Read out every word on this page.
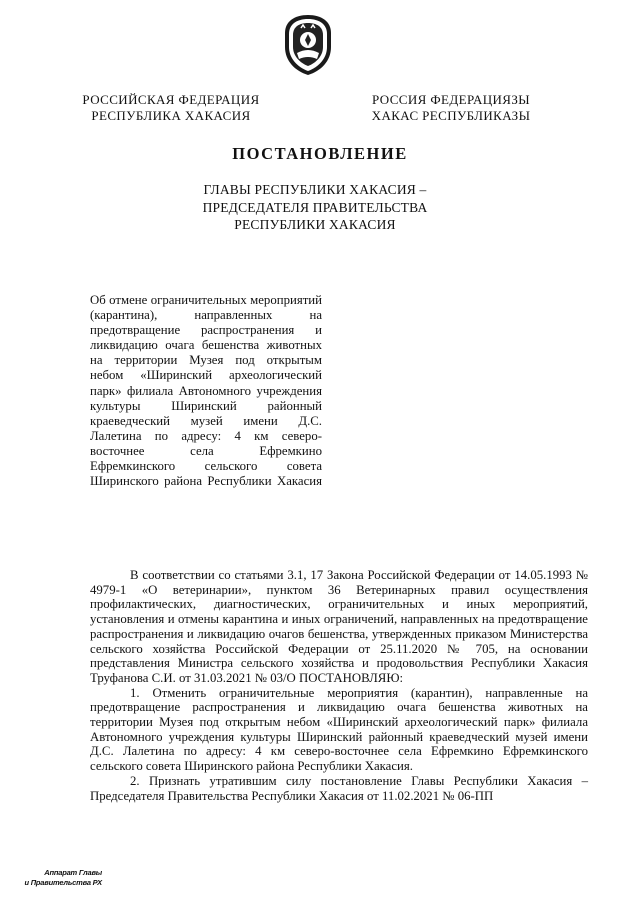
РОССИЙСКАЯ ФЕДЕРАЦИЯ
РЕСПУБЛИКА ХАКАСИЯ
РОССИЯ ФЕДЕРАЦИЯЗЫ
ХАКАС РЕСПУБЛИКАЗЫ
ПОСТАНОВЛЕНИЕ
ГЛАВЫ РЕСПУБЛИКИ ХАКАСИЯ –
ПРЕДСЕДАТЕЛЯ ПРАВИТЕЛЬСТВА
РЕСПУБЛИКИ ХАКАСИЯ
Об отмене ограничительных мероприятий (карантина), направленных на предотвращение распространения и ликвидацию очага бешенства животных на территории Музея под открытым небом «Ширинский археологический парк» филиала Автономного учреждения культуры Ширинский районный краеведческий музей имени Д.С. Лалетина по адресу: 4 км северо-восточнее села Ефремкино Ефремкинского сельского совета Ширинского района Республики Хакасия

В соответствии со статьями 3.1, 17 Закона Российской Федерации от 14.05.1993 № 4979-1 «О ветеринарии», пунктом 36 Ветеринарных правил осуществления профилактических, диагностических, ограничительных и иных мероприятий, установления и отмены карантина и иных ограничений, направленных на предотвращение распространения и ликвидацию очагов бешенства, утвержденных приказом Министерства сельского хозяйства Российской Федерации от 25.11.2020 № 705, на основании представления Министра сельского хозяйства и продовольствия Республики Хакасия Труфанова С.И. от 31.03.2021 № 03/О ПОСТАНОВЛЯЮ:

1. Отменить ограничительные мероприятия (карантин), направленные на предотвращение распространения и ликвидацию очага бешенства животных на территории Музея под открытым небом «Ширинский археологический парк» филиала Автономного учреждения культуры Ширинский районный краеведческий музей имени Д.С. Лалетина по адресу: 4 км северо-восточнее села Ефремкино Ефремкинского сельского совета Ширинского района Республики Хакасия.

2. Признать утратившим силу постановление Главы Республики Хакасия – Председателя Правительства Республики Хакасия от 11.02.2021 № 06-ПП

Аппарат Главы
и Правительства РХ
